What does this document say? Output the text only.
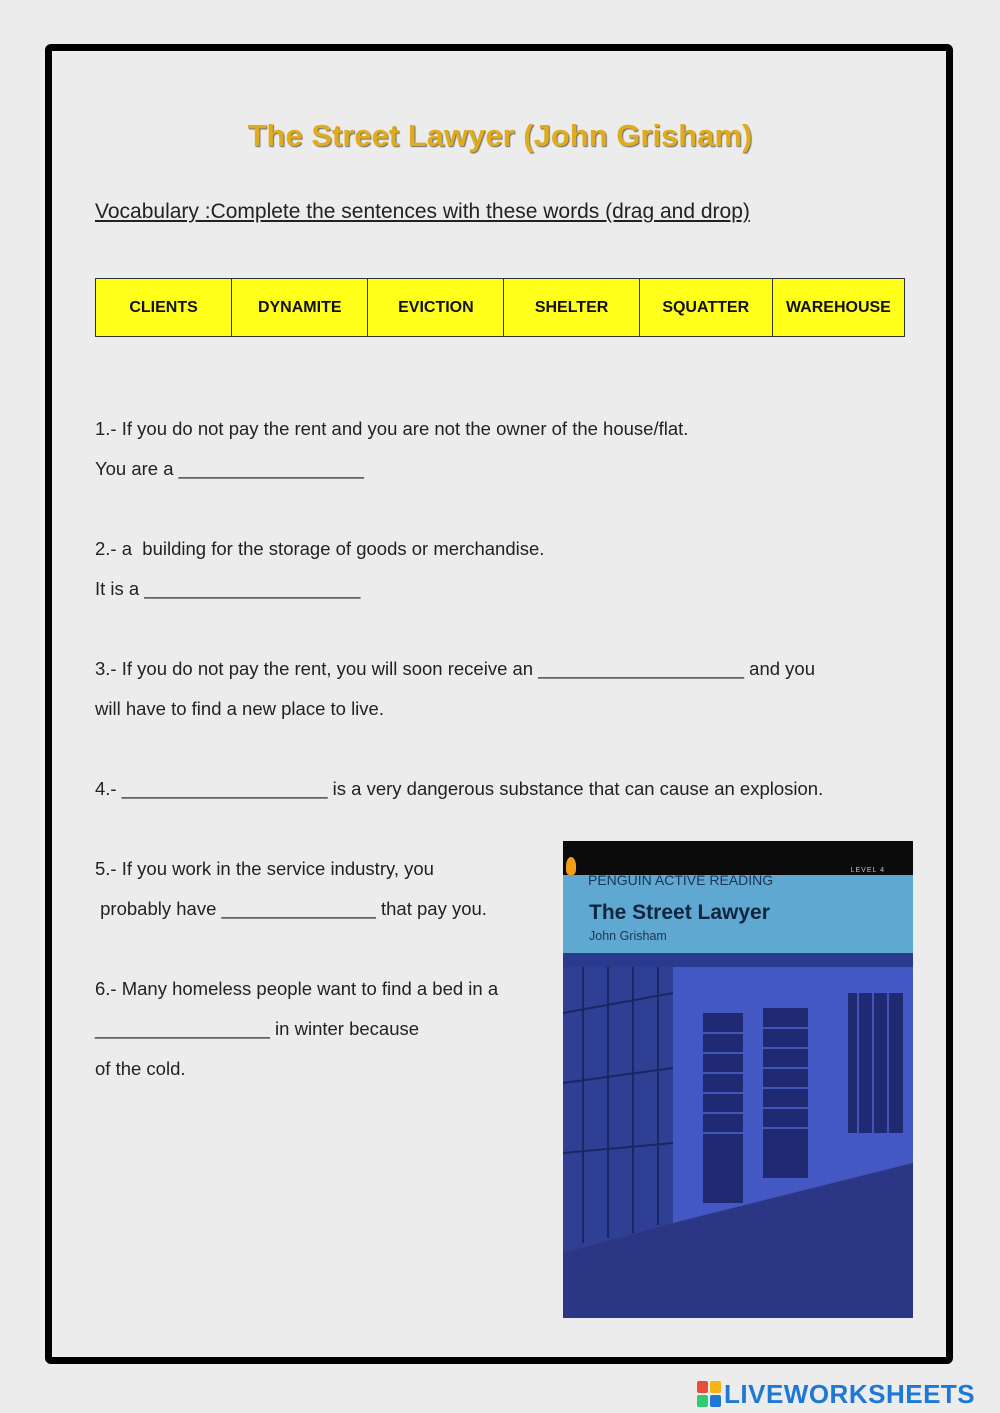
The Street Lawyer (John Grisham)
Vocabulary :Complete the sentences with these words (drag and drop)
CLIENTS	DYNAMITE	EVICTION	SHELTER	SQUATTER	WAREHOUSE
1.- If you do not pay the rent and you are not the owner of the house/flat.
You are a __________________
2.- a  building for the storage of goods or merchandise.
It is a _____________________
3.- If you do not pay the rent, you will soon receive an ____________________ and you
will have to find a new place to live.
4.- ____________________ is a very dangerous substance that can cause an explosion.
5.- If you work in the service industry, you
probably have _______________ that pay you.
6.- Many homeless people want to find a bed in a
_________________ in winter because
of the cold.
LEVEL 4
PENGUIN ACTIVE READING
The Street Lawyer
John Grisham
LIVEWORKSHEETS
